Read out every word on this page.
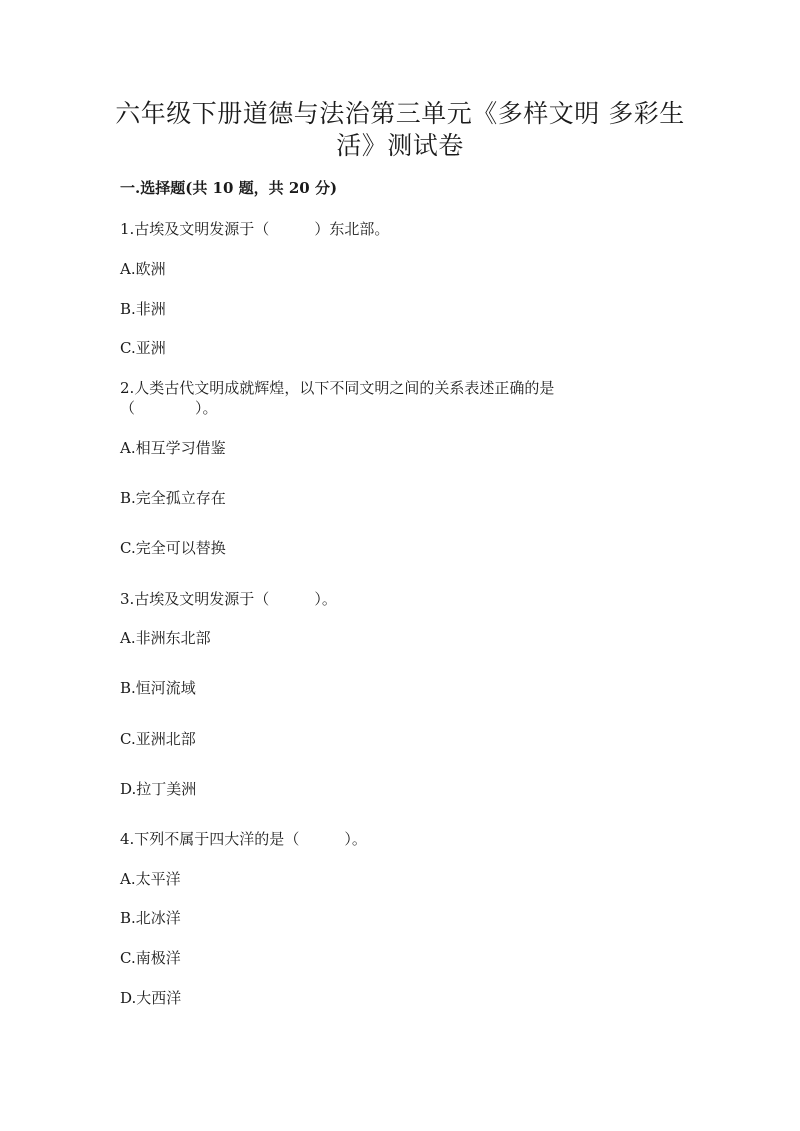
六年级下册道德与法治第三单元《多样文明 多彩生
活》测试卷
一.选择题(共 10 题，共 20 分)
1.古埃及文明发源于（　　　）东北部。
A.欧洲
B.非洲
C.亚洲
2.人类古代文明成就辉煌，以下不同文明之间的关系表述正确的是
（　　　　）。
A.相互学习借鉴
B.完全孤立存在
C.完全可以替换
3.古埃及文明发源于（　　　）。
A.非洲东北部
B.恒河流域
C.亚洲北部
D.拉丁美洲
4.下列不属于四大洋的是（　　　）。
A.太平洋
B.北冰洋
C.南极洋
D.大西洋
